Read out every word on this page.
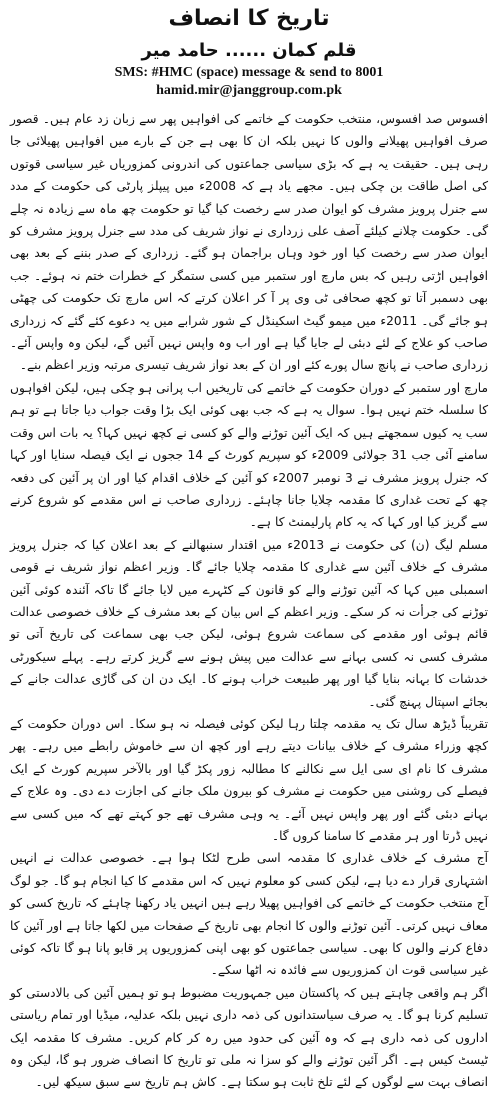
تاریخ کا انصاف
قلم کمان ...... حامد میر
SMS: #HMC (space) message & send to 8001
hamid.mir@janggroup.com.pk

افسوس صد افسوس، منتخب حکومت کے خاتمے کی افواہیں پھر سے زبان زد عام ہیں۔ قصور صرف افواہیں پھیلانے والوں کا نہیں بلکہ ان کا بھی ہے جن کے بارے میں افواہیں پھیلائی جا رہی ہیں۔ حقیقت یہ ہے کہ بڑی سیاسی جماعتوں کی اندرونی کمزوریاں غیر سیاسی قوتوں کی اصل طاقت بن چکی ہیں۔ مجھے یاد ہے کہ 2008ء میں پیپلز پارٹی کی حکومت کے مدد سے جنرل پرویز مشرف کو ایوان صدر سے رخصت کیا گیا تو حکومت چھ ماہ سے زیادہ نہ چلے گی۔ حکومت چلانے کیلئے آصف علی زرداری نے نواز شریف کی مدد سے جنرل پرویز مشرف کو ایوان صدر سے رخصت کیا اور خود وہاں براجمان ہو گئے۔ زرداری کے صدر بننے کے بعد بھی افواہیں اڑتی رہیں کہ بس مارچ اور ستمبر میں کسی ستمگر کے خطرات ختم نہ ہوئے۔ جب بھی دسمبر آتا تو کچھ صحافی ٹی وی پر آ کر اعلان کرتے کہ اس مارچ تک حکومت کی چھٹی ہو جائے گی۔ 2011ء میں میمو گیٹ اسکینڈل کے شور شرابے میں یہ دعوے کئے گئے کہ زرداری صاحب کو علاج کے لئے دبئی لے جایا گیا ہے اور اب وہ واپس نہیں آئیں گے، لیکن وہ واپس آئے۔ زرداری صاحب نے پانچ سال پورے کئے اور ان کے بعد نواز شریف تیسری مرتبہ وزیر اعظم بنے۔

مارچ اور ستمبر کے دوران حکومت کے خاتمے کی تاریخیں اب پرانی ہو چکی ہیں، لیکن افواہوں کا سلسلہ ختم نہیں ہوا۔ سوال یہ ہے کہ جب بھی کوئی ایک بڑا وقت جواب دیا جاتا ہے تو ہم سب یہ کیوں سمجھتے ہیں کہ ایک آئین توڑنے والے کو کسی نے کچھ نہیں کہا؟ یہ بات اس وقت سامنے آئی جب 31 جولائی 2009ء کو سپریم کورٹ کے 14 ججوں نے ایک فیصلہ سنایا اور کہا کہ جنرل پرویز مشرف نے 3 نومبر 2007ء کو آئین کے خلاف اقدام کیا اور ان پر آئین کی دفعہ چھ کے تحت غداری کا مقدمہ چلایا جانا چاہئے۔ زرداری صاحب نے اس مقدمے کو شروع کرنے سے گریز کیا اور کہا کہ یہ کام پارلیمنٹ کا ہے۔

مسلم لیگ (ن) کی حکومت نے 2013ء میں اقتدار سنبھالنے کے بعد اعلان کیا کہ جنرل پرویز مشرف کے خلاف آئین سے غداری کا مقدمہ چلایا جائے گا۔ وزیر اعظم نواز شریف نے قومی اسمبلی میں کہا کہ آئین توڑنے والے کو قانون کے کٹہرے میں لایا جائے گا تاکہ آئندہ کوئی آئین توڑنے کی جرأت نہ کر سکے۔ وزیر اعظم کے اس بیان کے بعد مشرف کے خلاف خصوصی عدالت قائم ہوئی اور مقدمے کی سماعت شروع ہوئی، لیکن جب بھی سماعت کی تاریخ آتی تو مشرف کسی نہ کسی بہانے سے عدالت میں پیش ہونے سے گریز کرتے رہے۔ پہلے سیکورٹی خدشات کا بہانہ بنایا گیا اور پھر طبیعت خراب ہونے کا۔ ایک دن ان کی گاڑی عدالت جانے کے بجائے اسپتال پہنچ گئی۔

تقریباً ڈیڑھ سال تک یہ مقدمہ چلتا رہا لیکن کوئی فیصلہ نہ ہو سکا۔ اس دوران حکومت کے کچھ وزراء مشرف کے خلاف بیانات دیتے رہے اور کچھ ان سے خاموش رابطے میں رہے۔ پھر مشرف کا نام ای سی ایل سے نکالنے کا مطالبہ زور پکڑ گیا اور بالآخر سپریم کورٹ کے ایک فیصلے کی روشنی میں حکومت نے مشرف کو بیرون ملک جانے کی اجازت دے دی۔ وہ علاج کے بہانے دبئی گئے اور پھر واپس نہیں آئے۔ یہ وہی مشرف تھے جو کہتے تھے کہ میں کسی سے نہیں ڈرتا اور ہر مقدمے کا سامنا کروں گا۔

آج مشرف کے خلاف غداری کا مقدمہ اسی طرح لٹکا ہوا ہے۔ خصوصی عدالت نے انہیں اشتہاری قرار دے دیا ہے، لیکن کسی کو معلوم نہیں کہ اس مقدمے کا کیا انجام ہو گا۔ جو لوگ آج منتخب حکومت کے خاتمے کی افواہیں پھیلا رہے ہیں انہیں یاد رکھنا چاہئے کہ تاریخ کسی کو معاف نہیں کرتی۔ آئین توڑنے والوں کا انجام بھی تاریخ کے صفحات میں لکھا جاتا ہے اور آئین کا دفاع کرنے والوں کا بھی۔ سیاسی جماعتوں کو بھی اپنی کمزوریوں پر قابو پانا ہو گا تاکہ کوئی غیر سیاسی قوت ان کمزوریوں سے فائدہ نہ اٹھا سکے۔

اگر ہم واقعی چاہتے ہیں کہ پاکستان میں جمہوریت مضبوط ہو تو ہمیں آئین کی بالادستی کو تسلیم کرنا ہو گا۔ یہ صرف سیاستدانوں کی ذمہ داری نہیں بلکہ عدلیہ، میڈیا اور تمام ریاستی اداروں کی ذمہ داری ہے کہ وہ آئین کی حدود میں رہ کر کام کریں۔ مشرف کا مقدمہ ایک ٹیسٹ کیس ہے۔ اگر آئین توڑنے والے کو سزا نہ ملی تو تاریخ کا انصاف ضرور ہو گا، لیکن وہ انصاف بہت سے لوگوں کے لئے تلخ ثابت ہو سکتا ہے۔ کاش ہم تاریخ سے سبق سیکھ لیں۔
